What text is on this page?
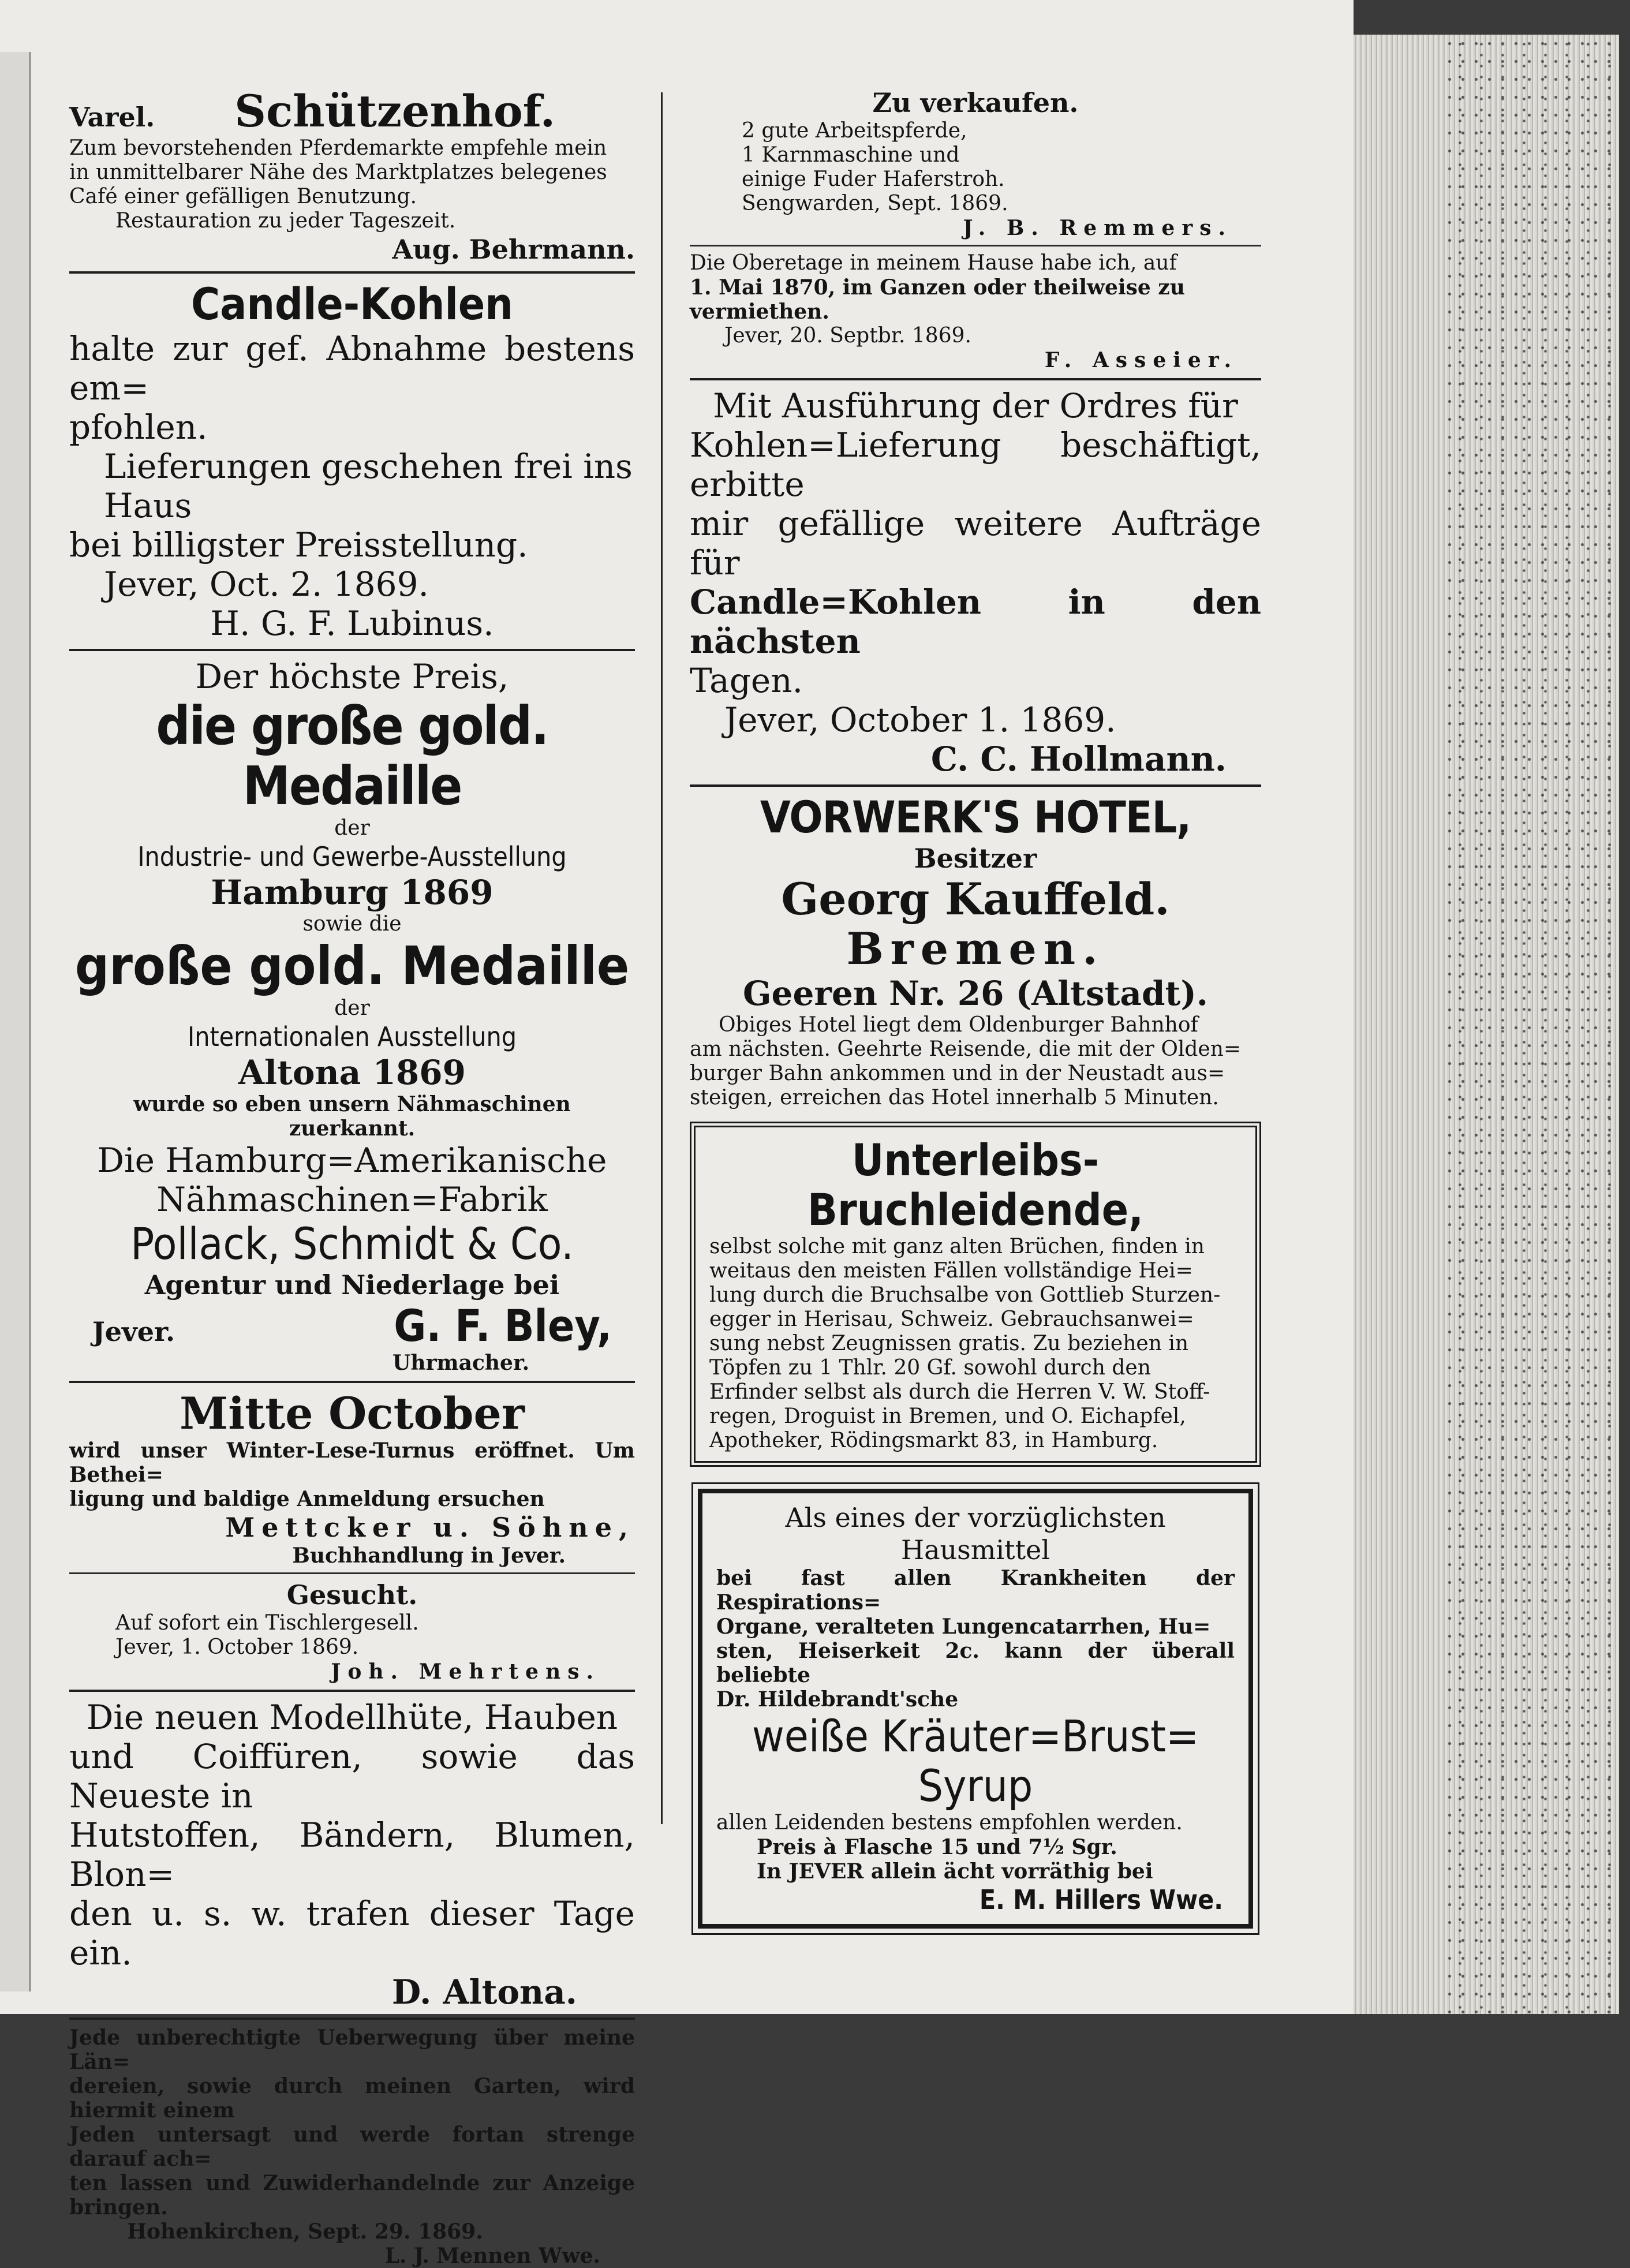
Varel.	Schützenhof.
Zum bevorstehenden Pferdemarkte empfehle mein
in unmittelbarer Nähe des Marktplatzes belegenes
Café einer gefälligen Benutzung.
Restauration zu jeder Tageszeit.
Aug. Behrmann.
Candle-Kohlen
halte zur gef. Abnahme bestens em=
pfohlen.
Lieferungen geschehen frei ins Haus
bei billigster Preisstellung.
Jever, Oct. 2. 1869.
H. G. F. Lubinus.
Der höchste Preis,
die große gold. Medaille
der
Industrie- und Gewerbe-Ausstellung
Hamburg 1869
sowie die
große gold. Medaille
der
Internationalen Ausstellung
Altona 1869
wurde so eben unsern Nähmaschinen zuerkannt.
Die Hamburg=Amerikanische
Nähmaschinen=Fabrik
Pollack, Schmidt & Co.
Agentur und Niederlage bei
Jever.	G. F. Bley,
Uhrmacher.
Mitte October
wird unser Winter-Lese-Turnus eröffnet. Um Bethei=
ligung und baldige Anmeldung ersuchen
Mettcker u. Söhne,
Buchhandlung in Jever.
Gesucht.
Auf sofort ein Tischlergesell.
Jever, 1. October 1869.
Joh. Mehrtens.
Die neuen Modellhüte, Hauben
und Coiffüren, sowie das Neueste in
Hutstoffen, Bändern, Blumen, Blon=
den u. s. w. trafen dieser Tage ein.
D. Altona.
Jede unberechtigte Ueberwegung über meine Län=
dereien, sowie durch meinen Garten, wird hiermit einem
Jeden untersagt und werde fortan strenge darauf ach=
ten lassen und Zuwiderhandelnde zur Anzeige bringen.
Hohenkirchen, Sept. 29. 1869.
L. J. Mennen Wwe.
Zu verkaufen.
2 gute Arbeitspferde,
1 Karnmaschine und
einige Fuder Haferstroh.
Sengwarden, Sept. 1869.
J. B. Remmers.
Die Oberetage in meinem Hause habe ich, auf
1. Mai 1870, im Ganzen oder theilweise zu vermiethen.
Jever, 20. Septbr. 1869.
F. Asseier.
Mit Ausführung der Ordres für
Kohlen=Lieferung beschäftigt, erbitte
mir gefällige weitere Aufträge für
Candle=Kohlen in den nächsten
Tagen.
Jever, October 1. 1869.
C. C. Hollmann.
VORWERK'S HOTEL,
Besitzer
Georg Kauffeld.
Bremen.
Geeren Nr. 26 (Altstadt).
Obiges Hotel liegt dem Oldenburger Bahnhof
am nächsten. Geehrte Reisende, die mit der Olden=
burger Bahn ankommen und in der Neustadt aus=
steigen, erreichen das Hotel innerhalb 5 Minuten.
Unterleibs-
Bruchleidende,
selbst solche mit ganz alten Brüchen, finden in
weitaus den meisten Fällen vollständige Hei=
lung durch die Bruchsalbe von Gottlieb Sturzen-
egger in Herisau, Schweiz. Gebrauchsanwei=
sung nebst Zeugnissen gratis. Zu beziehen in
Töpfen zu 1 Thlr. 20 Gf. sowohl durch den
Erfinder selbst als durch die Herren V. W. Stoff-
regen, Droguist in Bremen, und O. Eichapfel,
Apotheker, Rödingsmarkt 83, in Hamburg.
Als eines der vorzüglichsten
Hausmittel
bei fast allen Krankheiten der Respirations=
Organe, veralteten Lungencatarrhen, Hu=
sten, Heiserkeit 2c. kann der überall beliebte
Dr. Hildebrandt'sche
weiße Kräuter=Brust=
Syrup
allen Leidenden bestens empfohlen werden.
Preis à Flasche 15 und 7½ Sgr.
In JEVER allein ächt vorräthig bei
E. M. Hillers Wwe.
